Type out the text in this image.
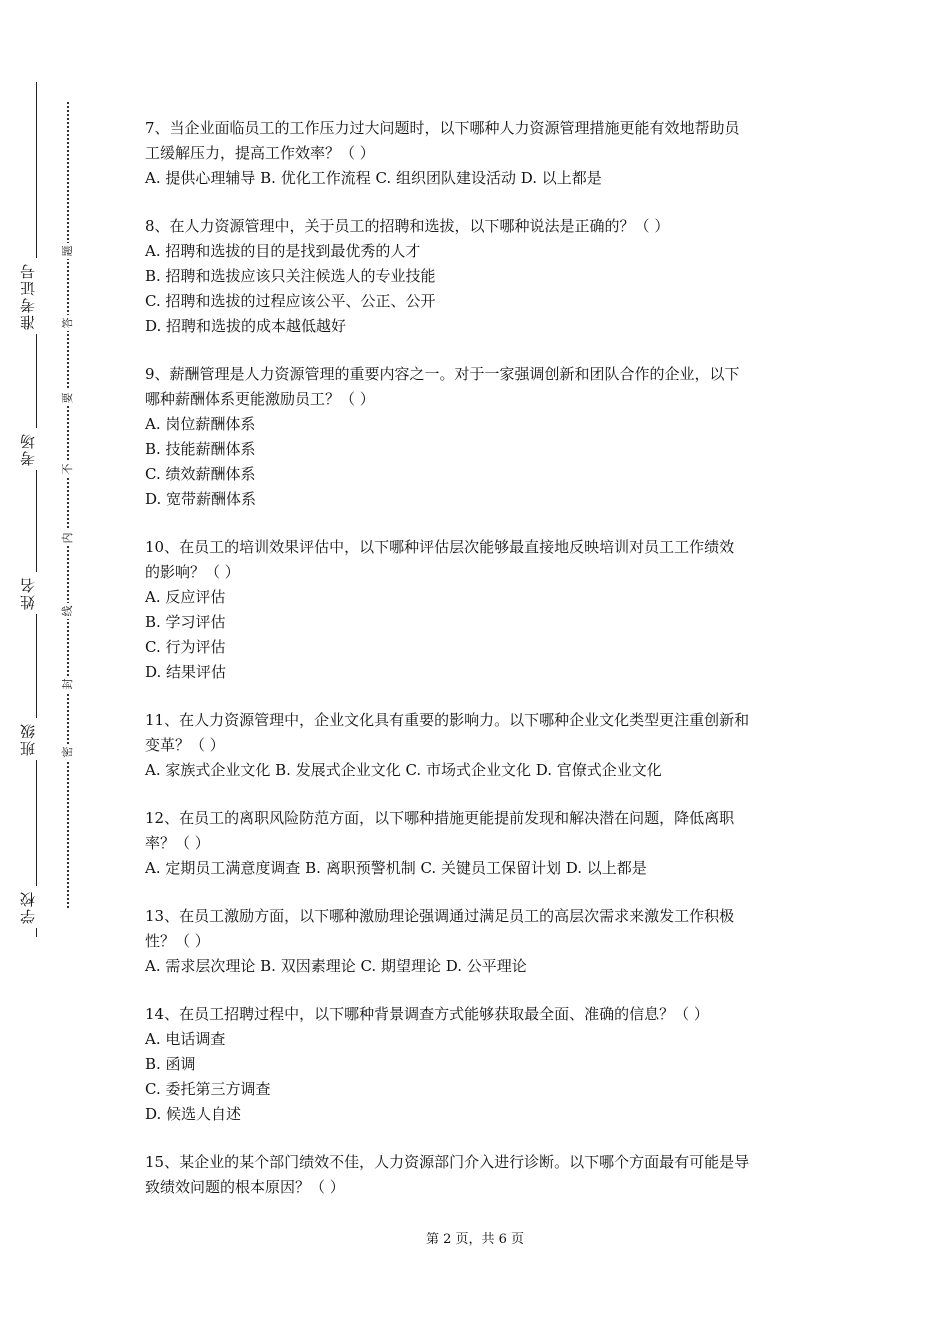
准考证号
考场
姓名
班级
学校
题
答
要
不
内
线
封
密
7、当企业面临员工的工作压力过大问题时，以下哪种人力资源管理措施更能有效地帮助员
工缓解压力，提高工作效率？（ ）
A. 提供心理辅导 B. 优化工作流程 C. 组织团队建设活动 D. 以上都是
8、在人力资源管理中，关于员工的招聘和选拔，以下哪种说法是正确的？（ ）
A. 招聘和选拔的目的是找到最优秀的人才
B. 招聘和选拔应该只关注候选人的专业技能
C. 招聘和选拔的过程应该公平、公正、公开
D. 招聘和选拔的成本越低越好
9、薪酬管理是人力资源管理的重要内容之一。对于一家强调创新和团队合作的企业，以下
哪种薪酬体系更能激励员工？（ ）
A. 岗位薪酬体系
B. 技能薪酬体系
C. 绩效薪酬体系
D. 宽带薪酬体系
10、在员工的培训效果评估中，以下哪种评估层次能够最直接地反映培训对员工工作绩效
的影响？（ ）
A. 反应评估
B. 学习评估
C. 行为评估
D. 结果评估
11、在人力资源管理中，企业文化具有重要的影响力。以下哪种企业文化类型更注重创新和
变革？（ ）
A. 家族式企业文化 B. 发展式企业文化 C. 市场式企业文化 D. 官僚式企业文化
12、在员工的离职风险防范方面，以下哪种措施更能提前发现和解决潜在问题，降低离职
率？（ ）
A. 定期员工满意度调查 B. 离职预警机制 C. 关键员工保留计划 D. 以上都是
13、在员工激励方面，以下哪种激励理论强调通过满足员工的高层次需求来激发工作积极
性？（ ）
A. 需求层次理论 B. 双因素理论 C. 期望理论 D. 公平理论
14、在员工招聘过程中，以下哪种背景调查方式能够获取最全面、准确的信息？（ ）
A. 电话调查
B. 函调
C. 委托第三方调查
D. 候选人自述
15、某企业的某个部门绩效不佳，人力资源部门介入进行诊断。以下哪个方面最有可能是导
致绩效问题的根本原因？（ ）
第 2 页，共 6 页
